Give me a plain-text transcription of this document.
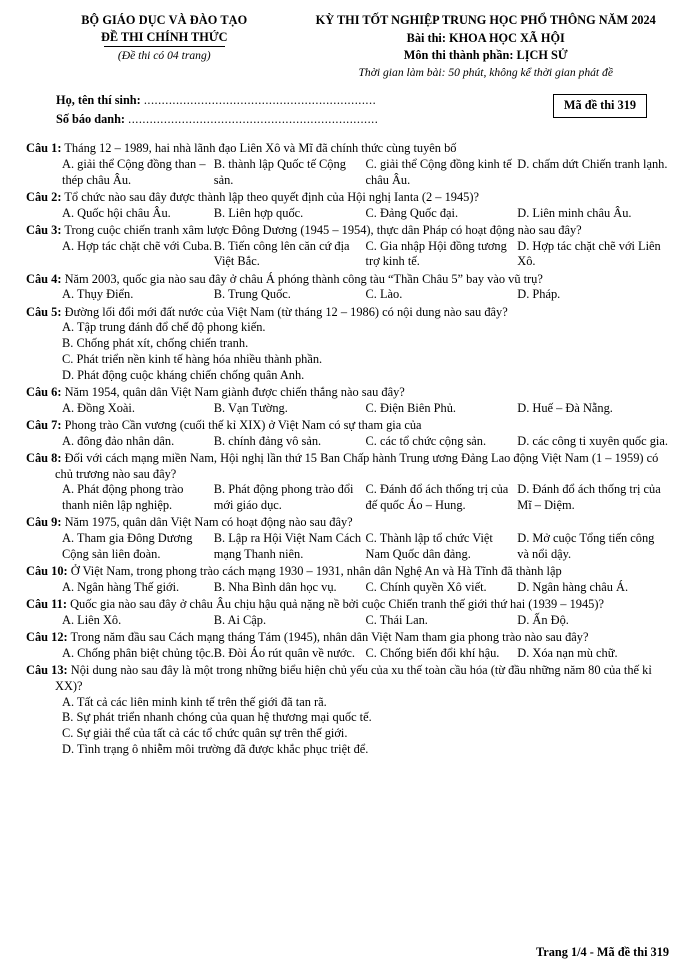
BỘ GIÁO DỤC VÀ ĐÀO TẠO
ĐỀ THI CHÍNH THỨC
(Đề thi có 04 trang)
KỲ THI TỐT NGHIỆP TRUNG HỌC PHỔ THÔNG NĂM 2024
Bài thi: KHOA HỌC XÃ HỘI
Môn thi thành phần: LỊCH SỬ
Thời gian làm bài: 50 phút, không kể thời gian phát đề
Họ, tên thí sinh: .................................................................
Số báo danh: ......................................................................
Mã đề thi 319
Câu 1: Tháng 12 – 1989, hai nhà lãnh đạo Liên Xô và Mĩ đã chính thức cùng tuyên bố
A. giải thể Cộng đồng than – thép châu Âu.
B. thành lập Quốc tế Cộng sản.
C. giải thể Cộng đồng kinh tế châu Âu.
D. chấm dứt Chiến tranh lạnh.
Câu 2: Tổ chức nào sau đây được thành lập theo quyết định của Hội nghị Ianta (2 – 1945)?
A. Quốc hội châu Âu.	B. Liên hợp quốc.	C. Đảng Quốc đại.	D. Liên minh châu Âu.
Câu 3: Trong cuộc chiến tranh xâm lược Đông Dương (1945 – 1954), thực dân Pháp có hoạt động nào sau đây?
A. Hợp tác chặt chẽ với Cuba. B. Tiến công lên căn cứ địa Việt Bắc.
C. Gia nhập Hội đồng tương trợ kinh tế.
D. Hợp tác chặt chẽ với Liên Xô.
Câu 4: Năm 2003, quốc gia nào sau đây ở châu Á phóng thành công tàu “Thần Châu 5” bay vào vũ trụ?
A. Thụy Điển.	B. Trung Quốc.	C. Lào.	D. Pháp.
Câu 5: Đường lối đổi mới đất nước của Việt Nam (từ tháng 12 – 1986) có nội dung nào sau đây?
A. Tập trung đánh đổ chế độ phong kiến.
B. Chống phát xít, chống chiến tranh.
C. Phát triển nền kinh tế hàng hóa nhiều thành phần.
D. Phát động cuộc kháng chiến chống quân Anh.
Câu 6: Năm 1954, quân dân Việt Nam giành được chiến thắng nào sau đây?
A. Đồng Xoài.	B. Vạn Tường.	C. Điện Biên Phủ.	D. Huế – Đà Nẵng.
Câu 7: Phong trào Cần vương (cuối thế kỉ XIX) ở Việt Nam có sự tham gia của
A. đông đảo nhân dân.	B. chính đảng vô sản.	C. các tổ chức cộng sản.	D. các công ti xuyên quốc gia.
Câu 8: Đối với cách mạng miền Nam, Hội nghị lần thứ 15 Ban Chấp hành Trung ương Đảng Lao động Việt Nam (1 – 1959) có chủ trương nào sau đây?
A. Phát động phong trào thanh niên lập nghiệp.
B. Phát động phong trào đổi mới giáo dục.
C. Đánh đổ ách thống trị của đế quốc Áo – Hung.
D. Đánh đổ ách thống trị của Mĩ – Diệm.
Câu 9: Năm 1975, quân dân Việt Nam có hoạt động nào sau đây?
A. Tham gia Đông Dương Cộng sản liên đoàn.
B. Lập ra Hội Việt Nam Cách mạng Thanh niên.
C. Thành lập tổ chức Việt Nam Quốc dân đảng.
D. Mở cuộc Tổng tiến công và nổi dậy.
Câu 10: Ở Việt Nam, trong phong trào cách mạng 1930 – 1931, nhân dân Nghệ An và Hà Tĩnh đã thành lập
A. Ngân hàng Thế giới.	B. Nha Bình dân học vụ.	C. Chính quyền Xô viết.	D. Ngân hàng châu Á.
Câu 11: Quốc gia nào sau đây ở châu Âu chịu hậu quả nặng nề bởi cuộc Chiến tranh thế giới thứ hai (1939 – 1945)?
A. Liên Xô.	B. Ai Cập.	C. Thái Lan.	D. Ấn Độ.
Câu 12: Trong năm đầu sau Cách mạng tháng Tám (1945), nhân dân Việt Nam tham gia phong trào nào sau đây?
A. Chống phân biệt chủng tộc. B. Đòi Áo rút quân về nước. C. Chống biến đổi khí hậu.	D. Xóa nạn mù chữ.
Câu 13: Nội dung nào sau đây là một trong những biểu hiện chủ yếu của xu thế toàn cầu hóa (từ đầu những năm 80 của thế kỉ XX)?
A. Tất cả các liên minh kinh tế trên thế giới đã tan rã.
B. Sự phát triển nhanh chóng của quan hệ thương mại quốc tế.
C. Sự giải thể của tất cả các tổ chức quân sự trên thế giới.
D. Tình trạng ô nhiễm môi trường đã được khắc phục triệt để.
Trang 1/4 - Mã đề thi 319
